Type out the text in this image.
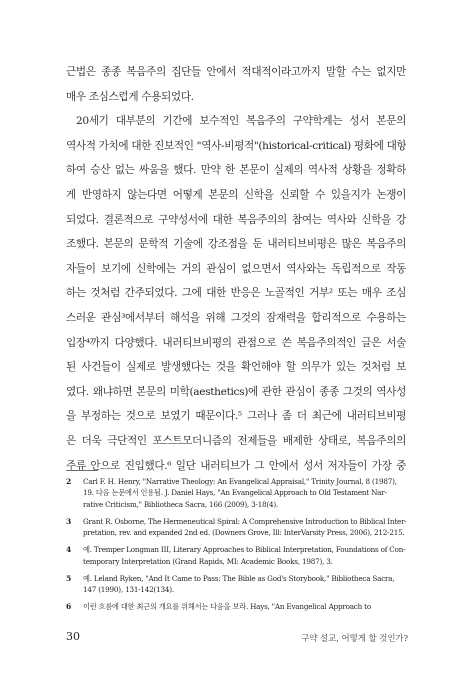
근법은 종종 복음주의 집단들 안에서 적대적이라고까지 말할 수는 없지만
매우 조심스럽게 수용되었다.
20세기 대부분의 기간에 보수적인 복음주의 구약학계는 성서 본문의
역사적 가치에 대한 진보적인 "역사-비평적"(historical-critical) 평화에 대항
하여 승산 없는 싸움을 했다. 만약 한 본문이 실제의 역사적 상황을 정확하
게 반영하지 않는다면 어떻게 본문의 신학을 신뢰할 수 있을지가 논쟁이
되었다. 결론적으로 구약성서에 대한 복음주의의 참여는 역사와 신학을 강
조했다. 본문의 문학적 기술에 강조점을 둔 내러티브비평은 많은 복음주의
자들이 보기에 신학에는 거의 관심이 없으면서 역사와는 독립적으로 작동
하는 것처럼 간주되었다. 그에 대한 반응은 노골적인 거부² 또는 매우 조심
스러운 관심³에서부터 해석을 위해 그것의 잠재력을 합리적으로 수용하는
입장⁴까지 다양했다. 내러티브비평의 관점으로 쓴 복음주의적인 글은 서술
된 사건들이 실제로 발생했다는 것을 확언해야 할 의무가 있는 것처럼 보
였다. 왜냐하면 본문의 미학(aesthetics)에 관한 관심이 종종 그것의 역사성
을 부정하는 것으로 보였기 때문이다.⁵ 그러나 좀 더 최근에 내러티브비평
은 더욱 극단적인 포스트모더니즘의 전제들을 배제한 상태로, 복음주의의
주류 안으로 진입했다.⁶ 일단 내러티브가 그 안에서 성서 저자들이 가장 중
2 Carl F. H. Henry, "Narrative Theology: An Evangelical Appraisal," Trinity Journal, 8 (1987),
19. 다음 논문에서 인용됨. J. Daniel Hays, "An Evangelical Approach to Old Testament Nar-
rative Criticism," Bibliotheca Sacra, 166 (2009), 3-18(4).
3 Grant R. Osborne, The Hermeneutical Spiral: A Comprehensive Introduction to Biblical Inter-
pretation, rev. and expanded 2nd ed. (Downers Grove, Ill: InterVarsity Press, 2006), 212-215.
4 예. Tremper Longman III, Literary Approaches to Biblical Interpretation, Foundations of Con-
temporary Interpretation (Grand Rapids, MI: Academic Books, 1987), 3.
5 예. Leland Ryken, "And It Came to Pass: The Bible as God's Storybook," Bibliotheca Sacra,
147 (1990), 131-142(134).
6 이런 흐름에 대한 최근의 개요를 위해서는 다음을 보라. Hays, "An Evangelical Approach to
30	구약 설교, 어떻게 할 것인가?
